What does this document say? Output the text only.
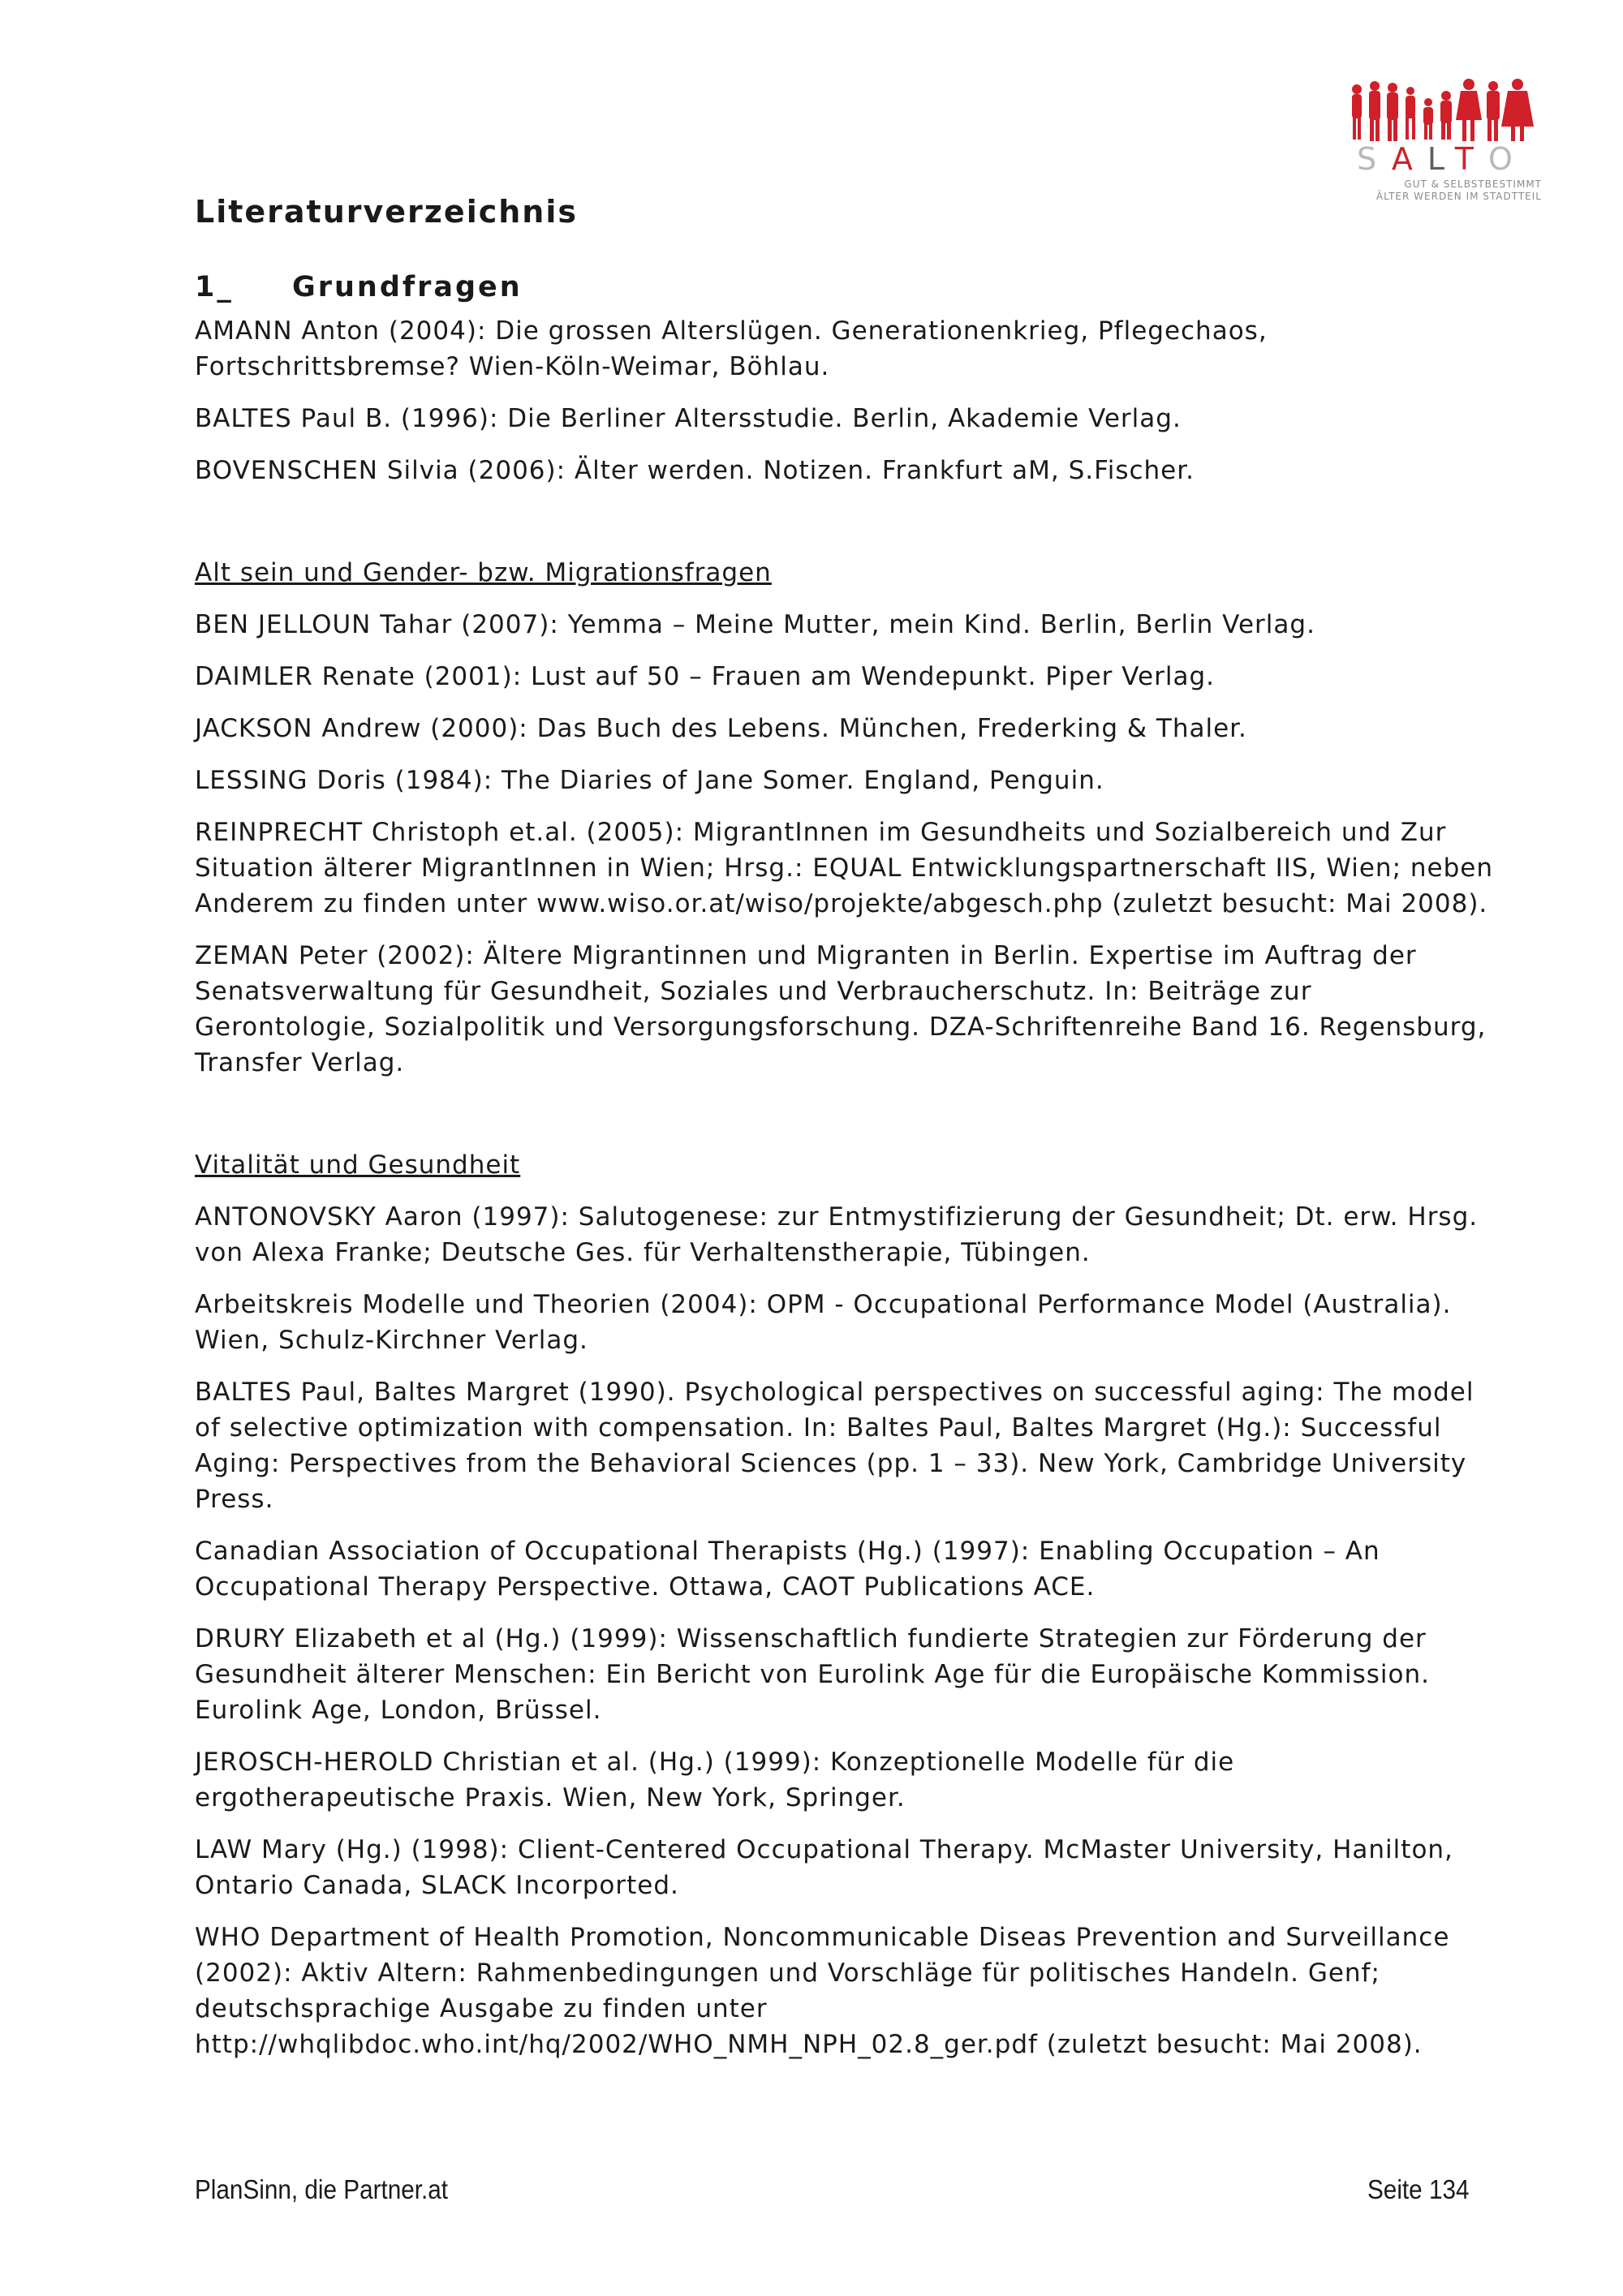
SALTO
GUT & SELBSTBESTIMMT
ÄLTER WERDEN IM STADTTEIL
Literaturverzeichnis
1_	Grundfragen

AMANN Anton (2004): Die grossen Alterslügen. Generationenkrieg, Pflegechaos, Fortschrittsbremse? Wien-Köln-Weimar, Böhlau.

BALTES Paul B. (1996): Die Berliner Altersstudie. Berlin, Akademie Verlag.

BOVENSCHEN Silvia (2006): Älter werden. Notizen. Frankfurt aM, S.Fischer.

Alt sein und Gender- bzw. Migrationsfragen

BEN JELLOUN Tahar (2007): Yemma – Meine Mutter, mein Kind. Berlin, Berlin Verlag.

DAIMLER Renate (2001): Lust auf 50 – Frauen am Wendepunkt. Piper Verlag.

JACKSON Andrew (2000): Das Buch des Lebens. München, Frederking & Thaler.

LESSING Doris (1984): The Diaries of Jane Somer. England, Penguin.

REINPRECHT Christoph et.al. (2005): MigrantInnen im Gesundheits und Sozialbereich und Zur Situation älterer MigrantInnen in Wien; Hrsg.: EQUAL Entwicklungspartnerschaft IIS, Wien; neben Anderem zu finden unter www.wiso.or.at/wiso/projekte/abgesch.php (zuletzt besucht: Mai 2008).

ZEMAN Peter (2002): Ältere Migrantinnen und Migranten in Berlin. Expertise im Auftrag der Senatsverwaltung für Gesundheit, Soziales und Verbraucherschutz. In: Beiträge zur Gerontologie, Sozialpolitik und Versorgungsforschung. DZA-Schriftenreihe Band 16. Regensburg, Transfer Verlag.

Vitalität und Gesundheit

ANTONOVSKY Aaron (1997): Salutogenese: zur Entmystifizierung der Gesundheit; Dt. erw. Hrsg. von Alexa Franke; Deutsche Ges. für Verhaltenstherapie, Tübingen.

Arbeitskreis Modelle und Theorien (2004): OPM - Occupational Performance Model (Australia). Wien, Schulz-Kirchner Verlag.

BALTES Paul, Baltes Margret (1990). Psychological perspectives on successful aging: The model of selective optimization with compensation. In: Baltes Paul, Baltes Margret (Hg.): Successful Aging: Perspectives from the Behavioral Sciences (pp. 1 – 33). New York, Cambridge University Press.

Canadian Association of Occupational Therapists (Hg.) (1997): Enabling Occupation – An Occupational Therapy Perspective. Ottawa, CAOT Publications ACE.

DRURY Elizabeth et al (Hg.) (1999): Wissenschaftlich fundierte Strategien zur Förderung der Gesundheit älterer Menschen: Ein Bericht von Eurolink Age für die Europäische Kommission. Eurolink Age, London, Brüssel.

JEROSCH-HEROLD Christian et al. (Hg.) (1999): Konzeptionelle Modelle für die ergotherapeutische Praxis. Wien, New York, Springer.

LAW Mary (Hg.) (1998): Client-Centered Occupational Therapy. McMaster University, Hanilton, Ontario Canada, SLACK Incorported.

WHO Department of Health Promotion, Noncommunicable Diseas Prevention and Surveillance (2002): Aktiv Altern: Rahmenbedingungen und Vorschläge für politisches Handeln. Genf; deutschsprachige Ausgabe zu finden unter http://whqlibdoc.who.int/hq/2002/WHO_NMH_NPH_02.8_ger.pdf (zuletzt besucht: Mai 2008).

PlanSinn, die Partner.at	Seite 134
